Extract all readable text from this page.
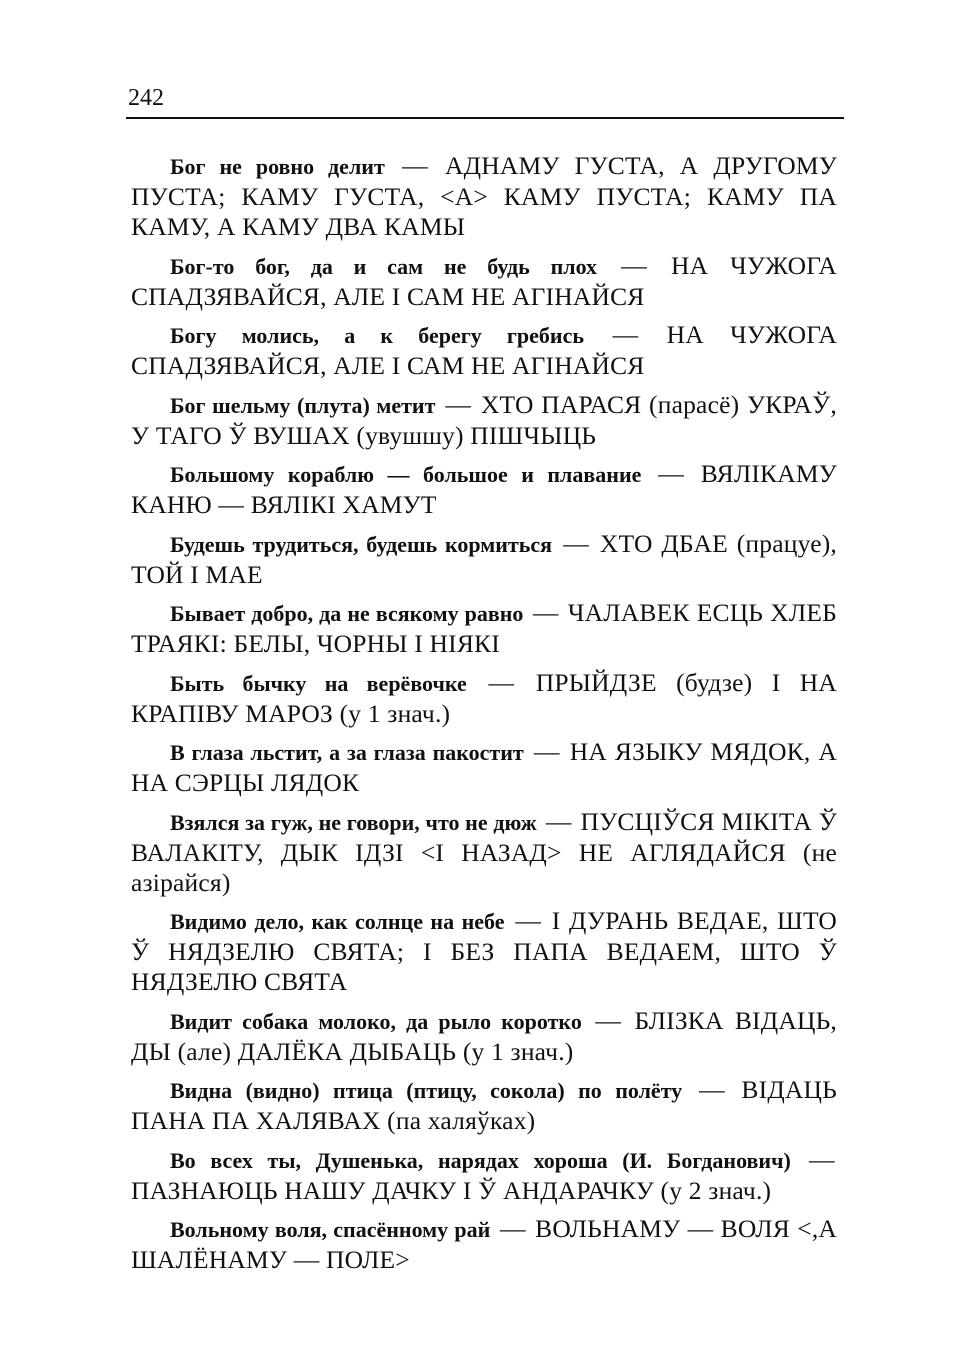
242

Бог не ровно делит — АДНАМУ ГУСТА, А ДРУГОМУ ПУСТА; КАМУ ГУСТА, <А> КАМУ ПУСТА; КАМУ ПА КАМУ, А КАМУ ДВА КАМЫ

Бог-то бог, да и сам не будь плох — НА ЧУЖОГА СПАДЗЯВАЙСЯ, АЛЕ І САМ НЕ АГІНАЙСЯ

Богу молись, а к берегу гребись — НА ЧУЖОГА СПАДЗЯВАЙСЯ, АЛЕ І САМ НЕ АГІНАЙСЯ

Бог шельму (плута) метит — ХТО ПАРАСЯ (парасё) УКРАЎ, У ТАГО Ў ВУШАХ (увушшу) ПІШЧЫЦЬ

Большому кораблю — большое и плавание — ВЯЛІКАМУ КАНЮ — ВЯЛІКІ ХАМУТ

Будешь трудиться, будешь кормиться — ХТО ДБАЕ (працуе), ТОЙ І МАЕ

Бывает добро, да не всякому равно — ЧАЛАВЕК ЕСЦЬ ХЛЕБ ТРАЯКІ: БЕЛЫ, ЧОРНЫ І НІЯКІ

Быть бычку на верёвочке — ПРЫЙДЗЕ (будзе) І НА КРАПІВУ МАРОЗ (у 1 знач.)

В глаза льстит, а за глаза пакостит — НА ЯЗЫКУ МЯДОК, А НА СЭРЦЫ ЛЯДОК

Взялся за гуж, не говори, что не дюж — ПУСЦІЎСЯ МІКІТА Ў ВАЛАКІТУ, ДЫК ІДЗІ <І НАЗАД> НЕ АГЛЯДАЙСЯ (не азірайся)

Видимо дело, как солнце на небе — І ДУРАНЬ ВЕДАЕ, ШТО Ў НЯДЗЕЛЮ СВЯТА; І БЕЗ ПАПА ВЕДАЕМ, ШТО Ў НЯДЗЕЛЮ СВЯТА

Видит собака молоко, да рыло коротко — БЛІЗКА ВІДАЦЬ, ДЫ (але) ДАЛЁКА ДЫБАЦЬ (у 1 знач.)

Видна (видно) птица (птицу, сокола) по полёту — ВІДАЦЬ ПАНА ПА ХАЛЯВАХ (па халяўках)

Во всех ты, Душенька, нарядах хороша (И. Богданович) — ПАЗНАЮЦЬ НАШУ ДАЧКУ І Ў АНДАРАЧКУ (у 2 знач.)

Вольному воля, спасённому рай — ВОЛЬНАМУ — ВОЛЯ <,А ШАЛЁНАМУ — ПОЛЕ>
